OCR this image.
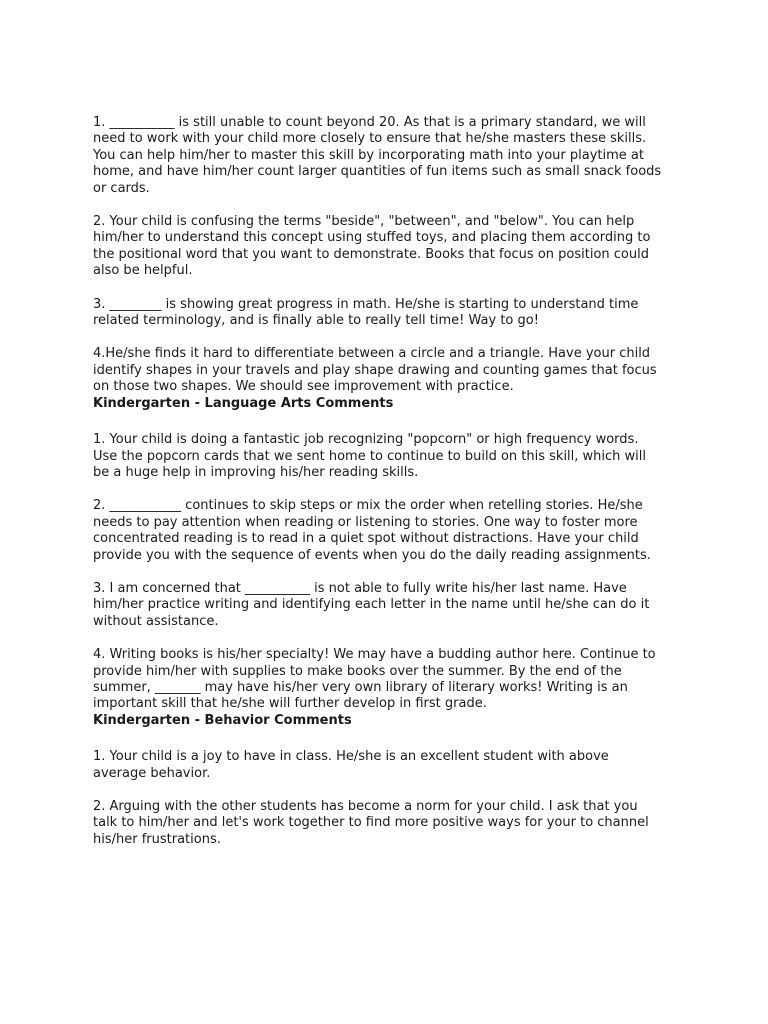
1. __________ is still unable to count beyond 20. As that is a primary standard, we will
need to work with your child more closely to ensure that he/she masters these skills.
You can help him/her to master this skill by incorporating math into your playtime at
home, and have him/her count larger quantities of fun items such as small snack foods
or cards.

2. Your child is confusing the terms "beside", "between", and "below". You can help
him/her to understand this concept using stuffed toys, and placing them according to
the positional word that you want to demonstrate. Books that focus on position could
also be helpful.

3. ________ is showing great progress in math. He/she is starting to understand time
related terminology, and is finally able to really tell time! Way to go!

4.He/she finds it hard to differentiate between a circle and a triangle. Have your child
identify shapes in your travels and play shape drawing and counting games that focus
on those two shapes. We should see improvement with practice.

Kindergarten - Language Arts Comments

1. Your child is doing a fantastic job recognizing "popcorn" or high frequency words.
Use the popcorn cards that we sent home to continue to build on this skill, which will
be a huge help in improving his/her reading skills.

2. ___________ continues to skip steps or mix the order when retelling stories. He/she
needs to pay attention when reading or listening to stories. One way to foster more
concentrated reading is to read in a quiet spot without distractions. Have your child
provide you with the sequence of events when you do the daily reading assignments.

3. I am concerned that __________ is not able to fully write his/her last name. Have
him/her practice writing and identifying each letter in the name until he/she can do it
without assistance.

4. Writing books is his/her specialty! We may have a budding author here. Continue to
provide him/her with supplies to make books over the summer. By the end of the
summer, _______ may have his/her very own library of literary works! Writing is an
important skill that he/she will further develop in first grade.

Kindergarten - Behavior Comments

1. Your child is a joy to have in class. He/she is an excellent student with above
average behavior.

2. Arguing with the other students has become a norm for your child. I ask that you
talk to him/her and let's work together to find more positive ways for your to channel
his/her frustrations.
